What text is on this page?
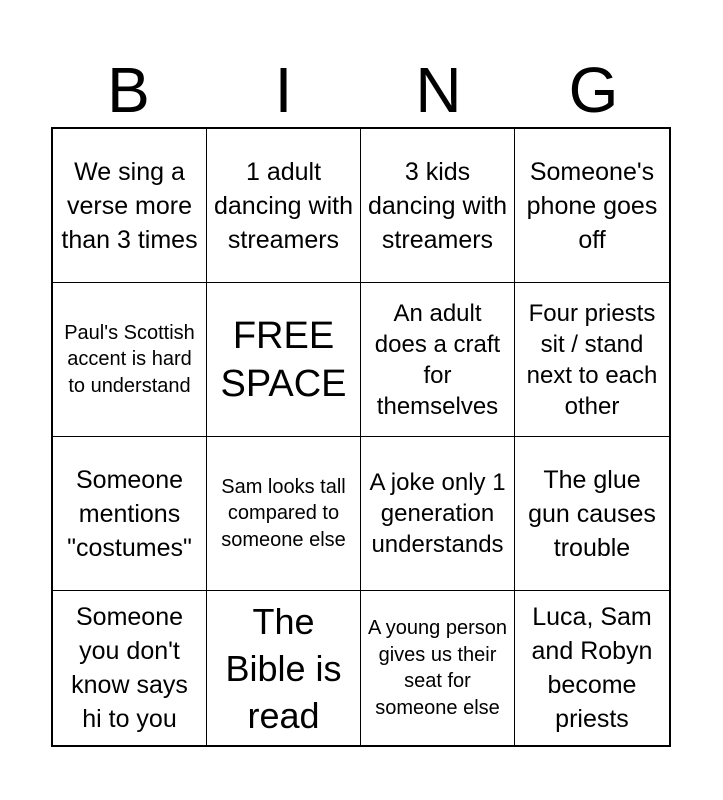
B	I	N	G
We sing a verse more than 3 times
1 adult dancing with streamers
3 kids dancing with streamers
Someone's phone goes off
Paul's Scottish accent is hard to understand
FREE SPACE
An adult does a craft for themselves
Four priests sit / stand next to each other
Someone mentions "costumes"
Sam looks tall compared to someone else
A joke only 1 generation understands
The glue gun causes trouble
Someone you don't know says hi to you
The Bible is read
A young person gives us their seat for someone else
Luca, Sam and Robyn become priests
